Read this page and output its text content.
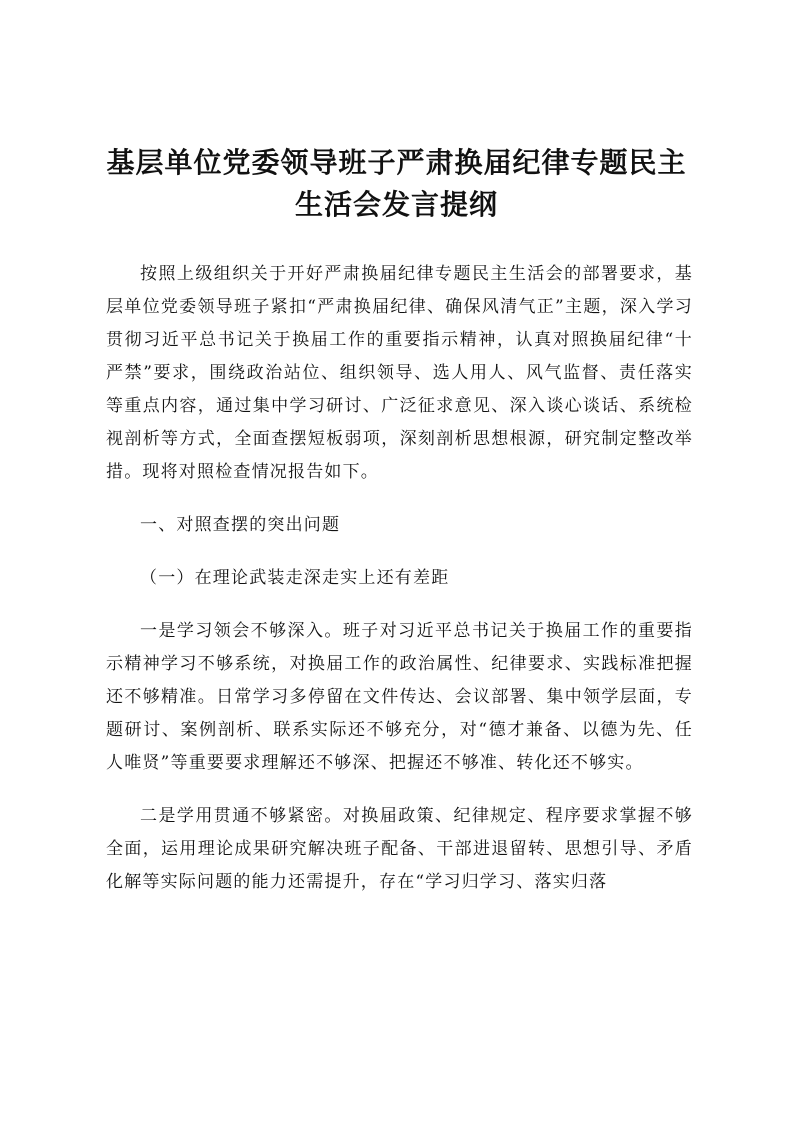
基层单位党委领导班子严肃换届纪律专题民主
生活会发言提纲

按照上级组织关于开好严肃换届纪律专题民主生活会的部署要求，基层单位党委领导班子紧扣“严肃换届纪律、确保风清气正”主题，深入学习贯彻习近平总书记关于换届工作的重要指示精神，认真对照换届纪律“十严禁”要求，围绕政治站位、组织领导、选人用人、风气监督、责任落实等重点内容，通过集中学习研讨、广泛征求意见、深入谈心谈话、系统检视剖析等方式，全面查摆短板弱项，深刻剖析思想根源，研究制定整改举措。现将对照检查情况报告如下。

一、对照查摆的突出问题

（一）在理论武装走深走实上还有差距

一是学习领会不够深入。班子对习近平总书记关于换届工作的重要指示精神学习不够系统，对换届工作的政治属性、纪律要求、实践标准把握还不够精准。日常学习多停留在文件传达、会议部署、集中领学层面，专题研讨、案例剖析、联系实际还不够充分，对“德才兼备、以德为先、任人唯贤”等重要要求理解还不够深、把握还不够准、转化还不够实。

二是学用贯通不够紧密。对换届政策、纪律规定、程序要求掌握不够全面，运用理论成果研究解决班子配备、干部进退留转、思想引导、矛盾化解等实际问题的能力还需提升，存在“学习归学习、落实归落
